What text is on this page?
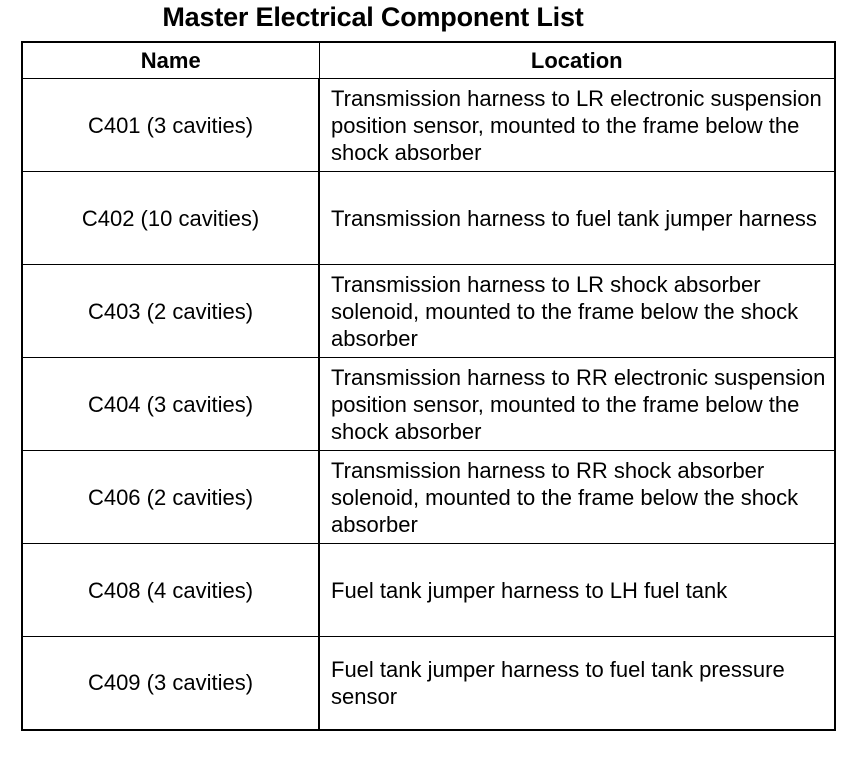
Master Electrical Component List
Name	Location
C401 (3 cavities)	Transmission harness to LR electronic suspension position sensor, mounted to the frame below the shock absorber
C402 (10 cavities)	Transmission harness to fuel tank jumper harness
C403 (2 cavities)	Transmission harness to LR shock absorber solenoid, mounted to the frame below the shock absorber
C404 (3 cavities)	Transmission harness to RR electronic suspension position sensor, mounted to the frame below the shock absorber
C406 (2 cavities)	Transmission harness to RR shock absorber solenoid, mounted to the frame below the shock absorber
C408 (4 cavities)	Fuel tank jumper harness to LH fuel tank
C409 (3 cavities)	Fuel tank jumper harness to fuel tank pressure sensor
